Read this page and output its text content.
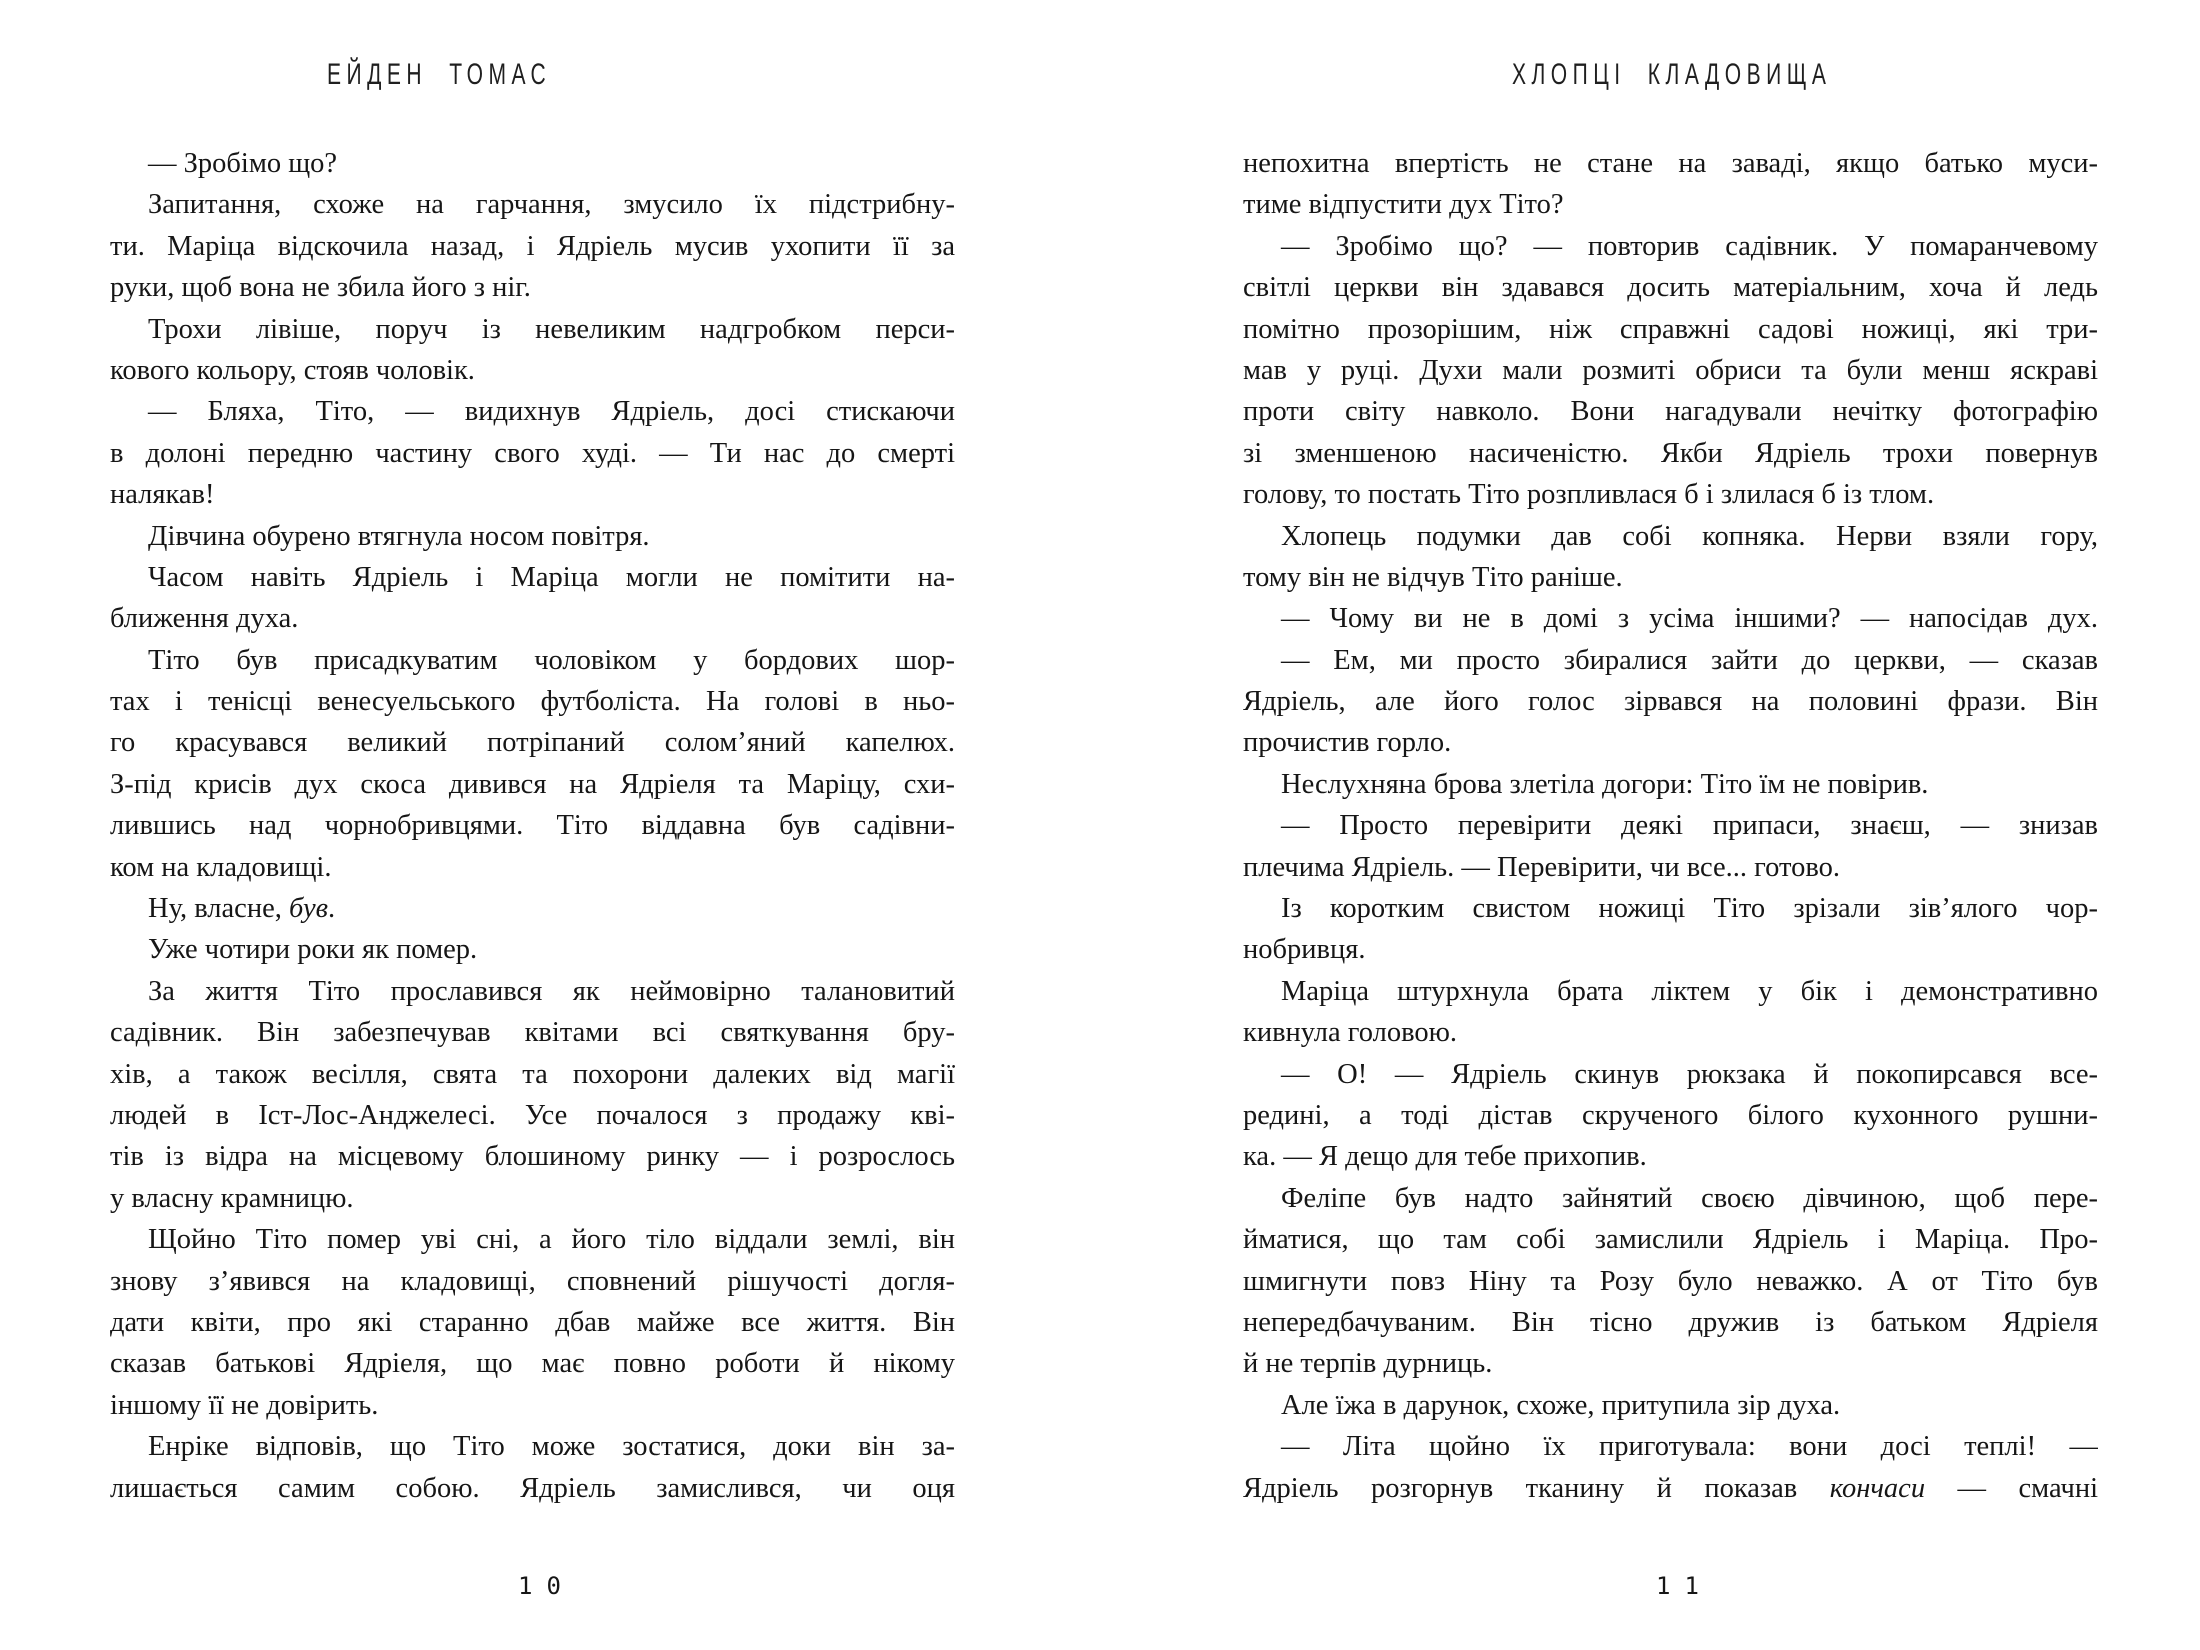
ЕЙДЕН ТОМАС	ХЛОПЦІ КЛАДОВИЩА
— Зробімо що?
Запитання, схоже на гарчання, змусило їх підстрибну-
ти. Маріца відскочила назад, і Ядріель мусив ухопити її за
руки, щоб вона не збила його з ніг.
Трохи лівіше, поруч із невеликим надгробком перси-
кового кольору, стояв чоловік.
— Бляха, Тіто, — видихнув Ядріель, досі стискаючи
в долоні передню частину свого худі. — Ти нас до смерті
налякав!
Дівчина обурено втягнула носом повітря.
Часом навіть Ядріель і Маріца могли не помітити на-
ближення духа.
Тіто був присадкуватим чоловіком у бордових шор-
тах і тенісці венесуельського футболіста. На голові в ньо-
го красувався великий потріпаний солом’яний капелюх.
З-під крисів дух скоса дивився на Ядріеля та Маріцу, схи-
лившись над чорнобривцями. Тіто віддавна був садівни-
ком на кладовищі.
Ну, власне, був.
Уже чотири роки як помер.
За життя Тіто прославився як неймовірно талановитий
садівник. Він забезпечував квітами всі святкування бру-
хів, а також весілля, свята та похорони далеких від магії
людей в Іст-Лос-Анджелесі. Усе почалося з продажу кві-
тів із відра на місцевому блошиному ринку — і розрослось
у власну крамницю.
Щойно Тіто помер уві сні, а його тіло віддали землі, він
знову з’явився на кладовищі, сповнений рішучості догля-
дати квіти, про які старанно дбав майже все життя. Він
сказав батькові Ядріеля, що має повно роботи й нікому
іншому її не довірить.
Енріке відповів, що Тіто може зостатися, доки він за-
лишається самим собою. Ядріель замислився, чи оця
непохитна впертість не стане на заваді, якщо батько муси-
тиме відпустити дух Тіто?
— Зробімо що? — повторив садівник. У помаранчевому
світлі церкви він здавався досить матеріальним, хоча й ледь
помітно прозорішим, ніж справжні садові ножиці, які три-
мав у руці. Духи мали розмиті обриси та були менш яскраві
проти світу навколо. Вони нагадували нечітку фотографію
зі зменшеною насиченістю. Якби Ядріель трохи повернув
голову, то постать Тіто розпливлася б і злилася б із тлом.
Хлопець подумки дав собі копняка. Нерви взяли гору,
тому він не відчув Тіто раніше.
— Чому ви не в домі з усіма іншими? — напосідав дух.
— Ем, ми просто збиралися зайти до церкви, — сказав
Ядріель, але його голос зірвався на половині фрази. Він
прочистив горло.
Неслухняна брова злетіла догори: Тіто їм не повірив.
— Просто перевірити деякі припаси, знаєш, — знизав
плечима Ядріель. — Перевірити, чи все... готово.
Із коротким свистом ножиці Тіто зрізали зів’ялого чор-
нобривця.
Маріца штурхнула брата ліктем у бік і демонстративно
кивнула головою.
— О! — Ядріель скинув рюкзака й покопирсався все-
редині, а тоді дістав скрученого білого кухонного рушни-
ка. — Я дещо для тебе прихопив.
Феліпе був надто зайнятий своєю дівчиною, щоб пере-
йматися, що там собі замислили Ядріель і Маріца. Про-
шмигнути повз Ніну та Розу було неважко. А от Тіто був
непередбачуваним. Він тісно дружив із батьком Ядріеля
й не терпів дурниць.
Але їжа в дарунок, схоже, притупила зір духа.
— Літа щойно їх приготувала: вони досі теплі! —
Ядріель розгорнув тканину й показав кончаси — смачні
10	11
